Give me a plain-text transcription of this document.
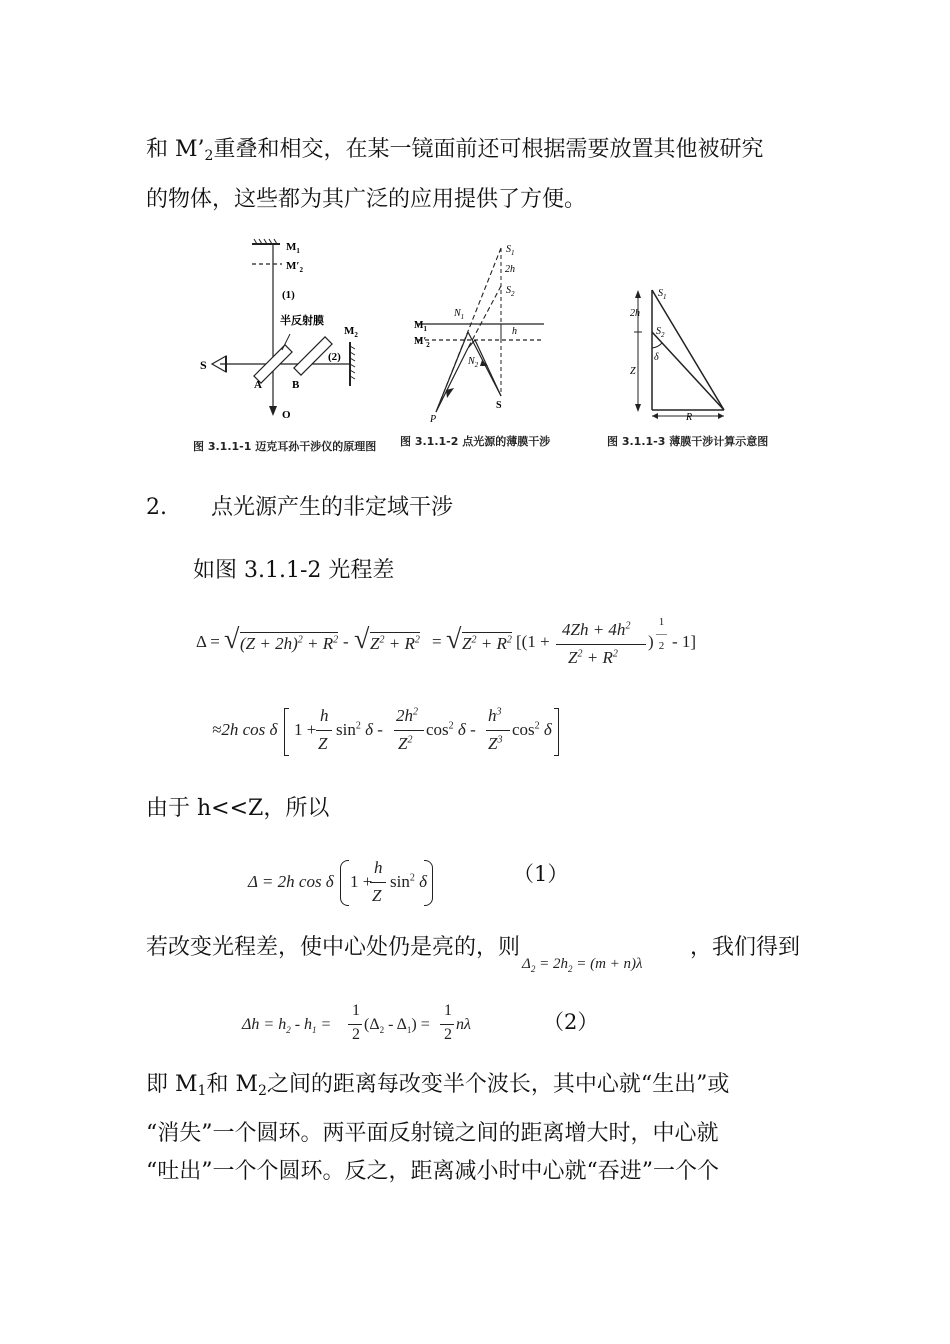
和 $M’_2$重叠和相交，在某一镜面前还可根据需要放置其他被研究
的物体，这些都为其广泛的应用提供了方便。
$M_1$
$M'_2$
(1)
半反射膜
$M_2$
(2)
S
A	B
O
图 3.1.1-1 迈克耳孙干涉仪的原理图
$S_1$
2h
$S_2$
$N_1$
h
$M_1$
$M'_2$
$N_2$
P
S
图 3.1.1-2 点光源的薄膜干涉
$S_1$
2h
$S_2$
δ
Z
R
图 3.1.1-3 薄膜干涉计算示意图
2.　　点光源产生的非定域干涉
如图 3.1.1-2 光程差
Δ = √ $(Z + 2h)^2 + R^2$ - √ $Z^2 + R^2$ = √ $Z^2 + R^2$ [(1 +
$4Zh + 4h^2$
$Z^2 + R^2$
)
1
—
2 - 1]
≈2h cos δ 1 +
h
Z
$\sin^2 \delta$ -
$2h^2$
$Z^2$
$\cos^2 \delta$ -
$h^3$
$Z^3$
$\cos^2 \delta$
由于 h<<Z，所以
Δ = 2h cos δ 1 +
h
Z
$\sin^2 \delta$	（1）
若改变光程差，使中心处仍是亮的，则
$\Delta_2 = 2h_2 = (m + n)\lambda$
，我们得到
$\Delta h = h_2 - h_1$ =
1
2
$(\Delta_2 - \Delta_1)$ =
1
2
nλ	（2）
即 $M_1$和 $M_2$之间的距离每改变半个波长，其中心就“生出”或
“消失”一个圆环。两平面反射镜之间的距离增大时，中心就
“吐出”一个个圆环。反之，距离减小时中心就“吞进”一个个
